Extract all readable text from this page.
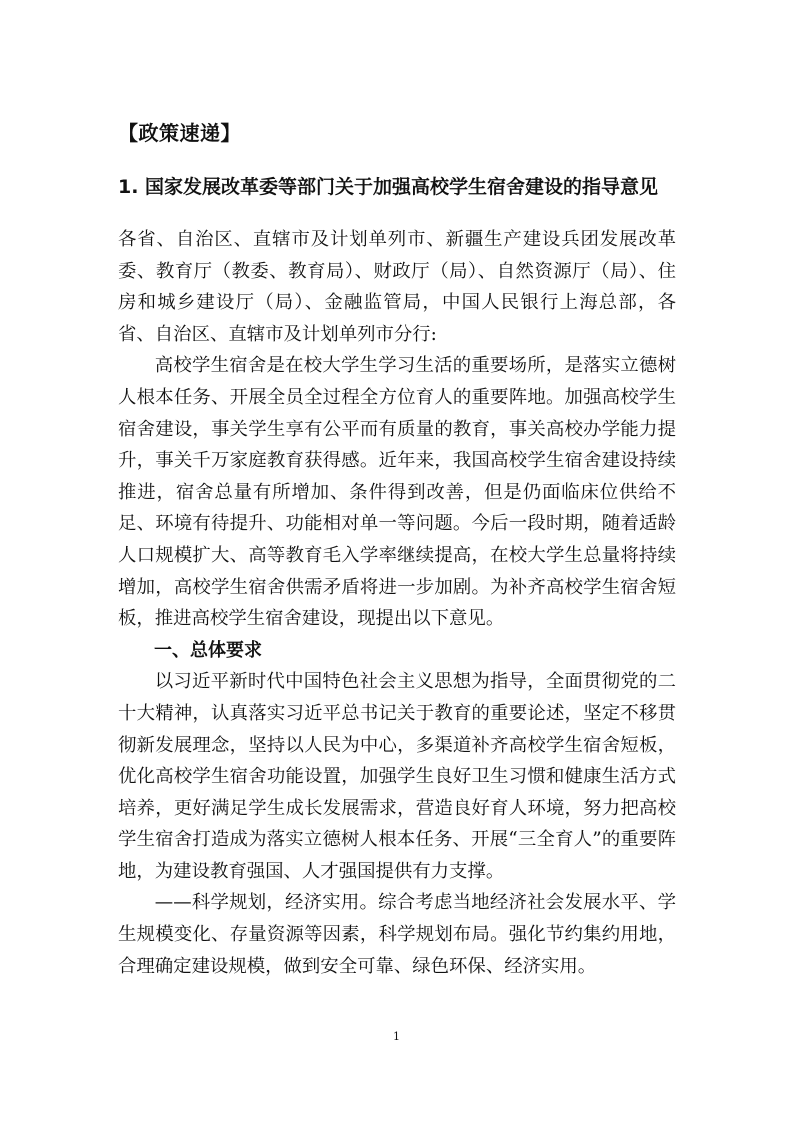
【政策速递】
1. 国家发展改革委等部门关于加强高校学生宿舍建设的指导意见

各省、自治区、直辖市及计划单列市、新疆生产建设兵团发展改革委、教育厅（教委、教育局）、财政厅（局）、自然资源厅（局）、住房和城乡建设厅（局）、金融监管局，中国人民银行上海总部，各省、自治区、直辖市及计划单列市分行:

高校学生宿舍是在校大学生学习生活的重要场所，是落实立德树人根本任务、开展全员全过程全方位育人的重要阵地。加强高校学生宿舍建设，事关学生享有公平而有质量的教育，事关高校办学能力提升，事关千万家庭教育获得感。近年来，我国高校学生宿舍建设持续推进，宿舍总量有所增加、条件得到改善，但是仍面临床位供给不足、环境有待提升、功能相对单一等问题。今后一段时期，随着适龄人口规模扩大、高等教育毛入学率继续提高，在校大学生总量将持续增加，高校学生宿舍供需矛盾将进一步加剧。为补齐高校学生宿舍短板，推进高校学生宿舍建设，现提出以下意见。

一、总体要求

以习近平新时代中国特色社会主义思想为指导，全面贯彻党的二十大精神，认真落实习近平总书记关于教育的重要论述，坚定不移贯彻新发展理念，坚持以人民为中心，多渠道补齐高校学生宿舍短板，优化高校学生宿舍功能设置，加强学生良好卫生习惯和健康生活方式培养，更好满足学生成长发展需求，营造良好育人环境，努力把高校学生宿舍打造成为落实立德树人根本任务、开展“三全育人”的重要阵地，为建设教育强国、人才强国提供有力支撑。

——科学规划，经济实用。综合考虑当地经济社会发展水平、学生规模变化、存量资源等因素，科学规划布局。强化节约集约用地，合理确定建设规模，做到安全可靠、绿色环保、经济实用。

1
